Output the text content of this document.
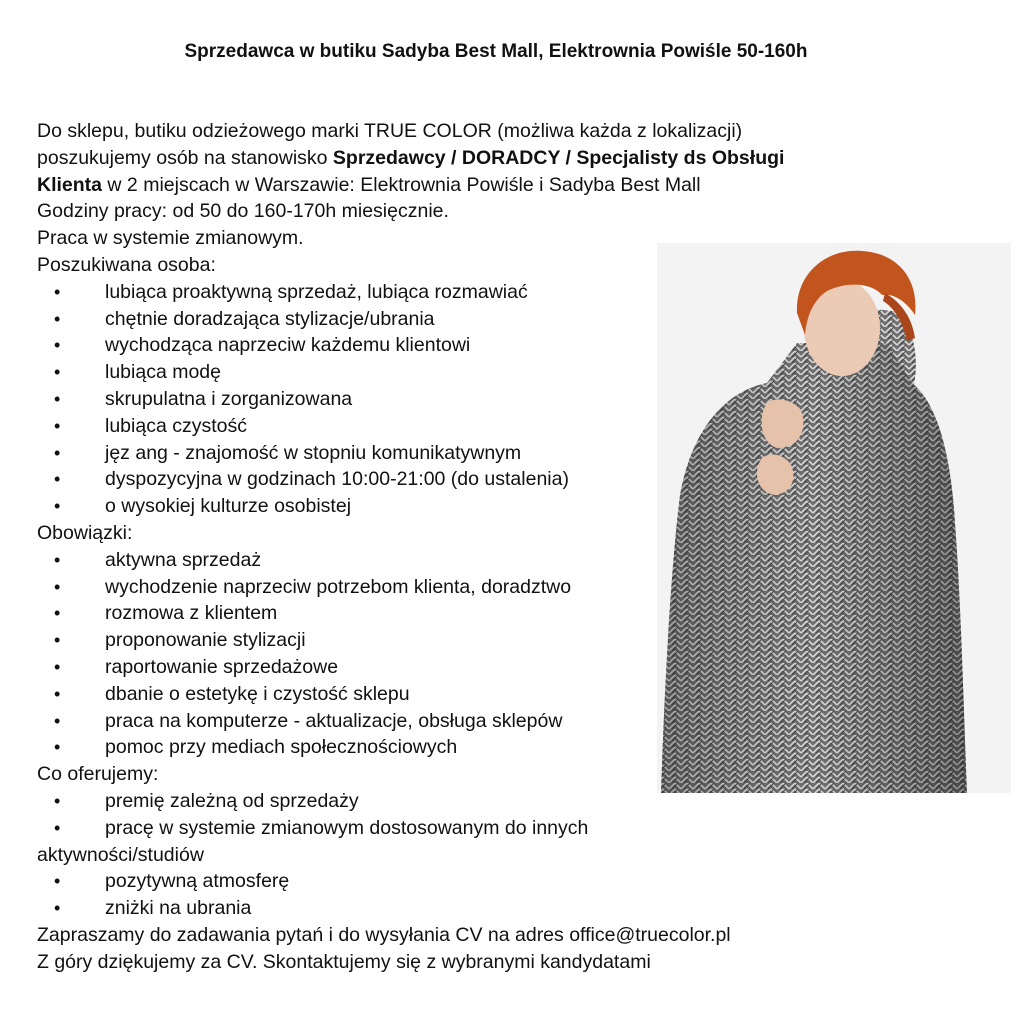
Sprzedawca w butiku Sadyba Best Mall, Elektrownia Powiśle 50-160h

Do sklepu, butiku odzieżowego marki TRUE COLOR (możliwa każda z lokalizacji)

poszukujemy osób na stanowisko Sprzedawcy / DORADCY / Specjalisty ds Obsługi

Klienta w 2 miejscach w Warszawie: Elektrownia Powiśle i Sadyba Best Mall

Godziny pracy: od 50 do 160-170h miesięcznie.

Praca w systemie zmianowym.

Poszukiwana osoba:

• lubiąca proaktywną sprzedaż, lubiąca rozmawiać
• chętnie doradzająca stylizacje/ubrania
• wychodząca naprzeciw każdemu klientowi
• lubiąca modę
• skrupulatna i zorganizowana
• lubiąca czystość
• jęz ang - znajomość w stopniu komunikatywnym
• dyspozycyjna w godzinach 10:00-21:00 (do ustalenia)
• o wysokiej kulturze osobistej

Obowiązki:

• aktywna sprzedaż
• wychodzenie naprzeciw potrzebom klienta, doradztwo
• rozmowa z klientem
• proponowanie stylizacji
• raportowanie sprzedażowe
• dbanie o estetykę i czystość sklepu
• praca na komputerze - aktualizacje, obsługa sklepów
• pomoc przy mediach społecznościowych

Co oferujemy:

• premię zależną od sprzedaży
• pracę w systemie zmianowym dostosowanym do innych

aktywności/studiów

• pozytywną atmosferę
• zniżki na ubrania

Zapraszamy do zadawania pytań i do wysyłania CV na adres office@truecolor.pl

Z góry dziękujemy za CV. Skontaktujemy się z wybranymi kandydatami
